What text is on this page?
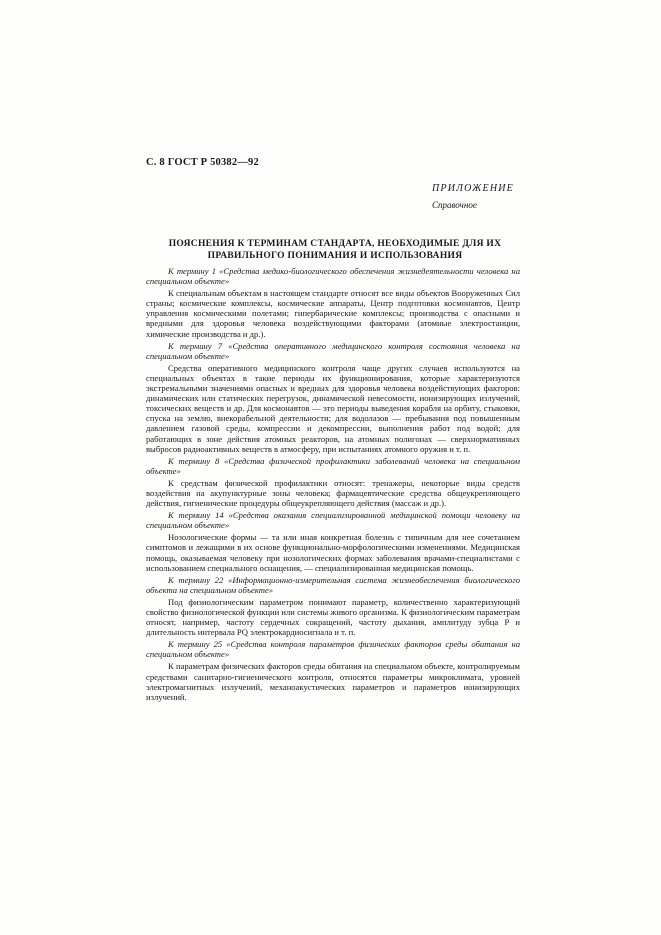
С. 8 ГОСТ Р 50382—92
ПРИЛОЖЕНИЕ
Справочное
ПОЯСНЕНИЯ К ТЕРМИНАМ СТАНДАРТА, НЕОБХОДИМЫЕ ДЛЯ ИХ ПРАВИЛЬНОГО ПОНИМАНИЯ И ИСПОЛЬЗОВАНИЯ

К термину 1 «Средства медико-биологического обеспечения жизнедеятельности человека на специальном объекте»

К специальным объектам в настоящем стандарте относят все виды объектов Вооруженных Сил страны; космические комплексы, космические аппараты, Центр подготовки космонавтов, Центр управления космическими полетами; гипербарические комплексы; производства с опасными и вредными для здоровья человека воздействующими факторами (атомные электростанции, химические производства и др.).

К термину 7 «Средства оперативного медицинского контроля состояния человека на специальном объекте»

Средства оперативного медицинского контроля чаще других случаев используются на специальных объектах в такие периоды их функционирования, которые характеризуются экстремальными значениями опасных и вредных для здоровья человека воздействующих факторов: динамических или статических перегрузок, динамической невесомости, ионизирующих излучений, токсических веществ и др. Для космонавтов — это периоды выведения корабля на орбиту, стыковки, спуска на землю, внекорабельной деятельности; для водолазов — пребывания под повышенным давлением газовой среды, компрессии и декомпрессии, выполнения работ под водой; для работающих в зоне действия атомных реакторов, на атомных полигонах — сверхнормативных выбросов радиоактивных веществ в атмосферу, при испытаниях атомного оружия и т. п.

К термину 8 «Средства физической профилактики заболеваний человека на специальном объекте»

К средствам физической профилактики относят: тренажеры, некоторые виды средств воздействия на акупунктурные зоны человека; фармацевтические средства общеукрепляющего действия, гигиенические процедуры общеукрепляющего действия (массаж и др.).

К термину 14 «Средства оказания специализированной медицинской помощи человеку на специальном объекте»

Нозологические формы — та или иная конкретная болезнь с типичным для нее сочетанием симптомов и лежащими в их основе функционально-морфологическими изменениями. Медицинская помощь, оказываемая человеку при нозологических формах заболевания врачами-специалистами с использованием специального оснащения, — специализированная медицинская помощь.

К термину 22 «Информационно-измерительная система жизнеобеспечения биологического объекта на специальном объекте»

Под физиологическим параметром понимают параметр, количественно характеризующий свойство физиологической функции или системы живого организма. К физиологическим параметрам относят, например, частоту сердечных сокращений, частоту дыхания, амплитуду зубца P и длительность интервала PQ электрокардиосигнала и т. п.

К термину 25 «Средства контроля параметров физических факторов среды обитания на специальном объекте»

К параметрам физических факторов среды обитания на специальном объекте, контролируемым средствами санитарно-гигиенического контроля, относятся параметры микроклимата, уровней электромагнитных излучений, механоакустических параметров и параметров ионизирующих излучений.
